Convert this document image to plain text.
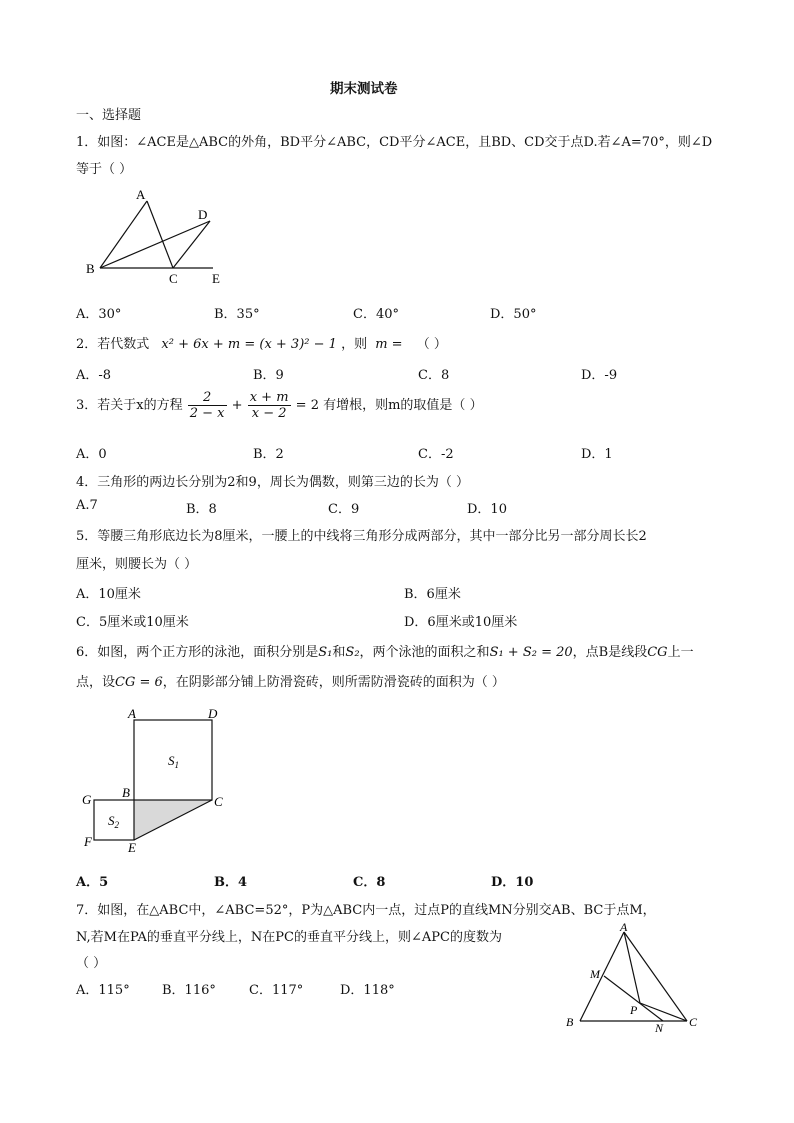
期末测试卷
一、选择题
1．如图：∠ACE是△ABC的外角，BD平分∠ABC，CD平分∠ACE，且BD、CD交于点D.若∠A=70°，则∠D
等于（ ）
A
D
B
C	E
A．30°	B．35°	C．40°	D．50°
2．若代数式 x² + 6x + m = (x + 3)² − 1 ，则 m = （ ）
A．-8	B．9	C．8	D．-9
3．若关于x的方程 $\frac{2}{2 - x} + \frac{x + m}{x - 2} = 2$ 有增根，则m的取值是（ ）
A．0	B．2	C．-2	D．1
4．三角形的两边长分别为2和9，周长为偶数，则第三边的长为（ ）
A.7	B．8	C．9	D．10
5．等腰三角形底边长为8厘米，一腰上的中线将三角形分成两部分，其中一部分比另一部分周长长2
厘米，则腰长为（ ）
A．10厘米	B．6厘米
C．5厘米或10厘米	D．6厘米或10厘米
6．如图，两个正方形的泳池，面积分别是S₁和S₂，两个泳池的面积之和S₁ + S₂ = 20，点B是线段CG上一
点，设CG = 6，在阴影部分铺上防滑瓷砖，则所需防滑瓷砖的面积为（ ）
A	D
$S_1$
G B
C
$S_2$
F	E
A．5	B．4	C．8	D．10
7．如图，在△ABC中，∠ABC=52°，P为△ABC内一点，过点P的直线MN分别交AB、BC于点M，
N,若M在PA的垂直平分线上，N在PC的垂直平分线上，则∠APC的度数为
（ ）
A
M
P
B	N C
A．115° B．116°	C．117°	D．118°
